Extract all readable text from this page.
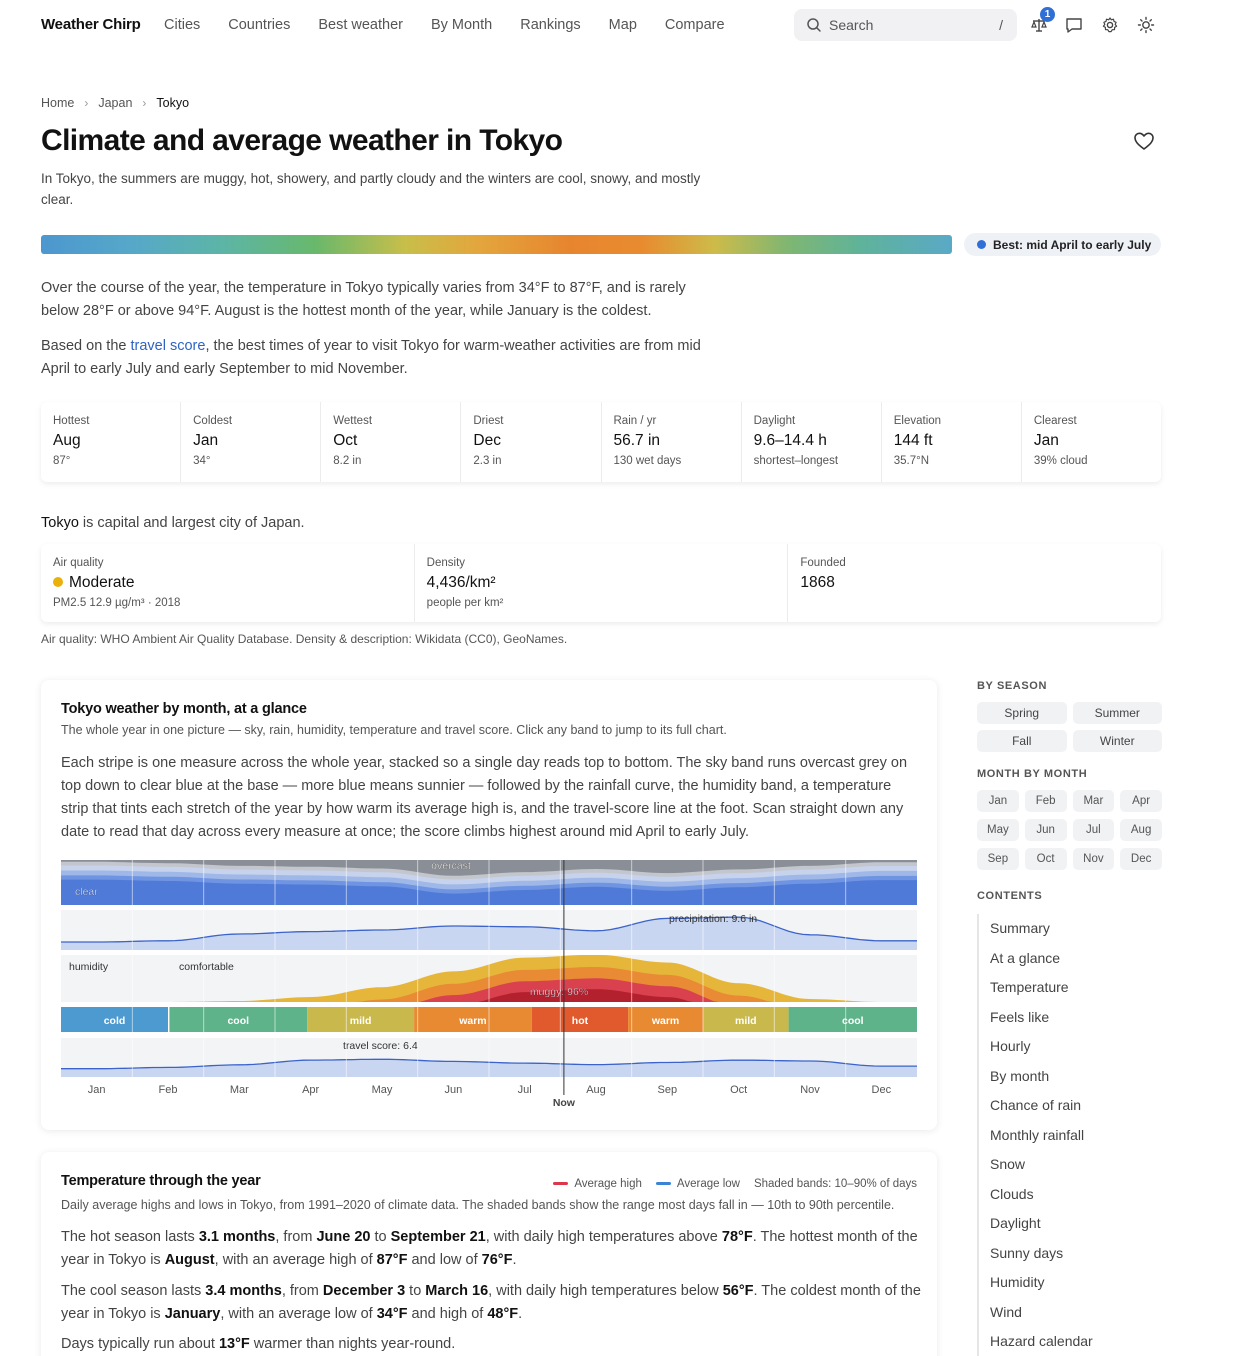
Weather Chirp Cities Countries Best weather By Month Rankings Map Compare	Search	/
1
Home › Japan › Tokyo
Climate and average weather in Tokyo

In Tokyo, the summers are muggy, hot, showery, and partly cloudy and the winters are cool, snowy, and mostly clear.

Best: mid April to early July

Over the course of the year, the temperature in Tokyo typically varies from 34°F to 87°F, and is rarely below 28°F or above 94°F. August is the hottest month of the year, while January is the coldest.

Based on the travel score, the best times of year to visit Tokyo for warm-weather activities are from mid April to early July and early September to mid November.

Hottest
Aug
87°
Coldest
Jan
34°
Wettest
Oct
8.2 in
Driest
Dec
2.3 in
Rain / yr
56.7 in
130 wet days
Daylight
9.6–14.4 h
shortest–longest
Elevation
144 ft
35.7°N
Clearest
Jan
39% cloud

Tokyo is capital and largest city of Japan.

Air quality
Moderate
PM2.5 12.9 µg/m³ · 2018
Density
4,436/km²
people per km²
Founded
1868

Air quality: WHO Ambient Air Quality Database. Density & description: Wikidata (CC0), GeoNames.

Tokyo weather by month, at a glance

The whole year in one picture — sky, rain, humidity, temperature and travel score. Click any band to jump to its full chart.

Each stripe is one measure across the whole year, stacked so a single day reads top to bottom. The sky band runs overcast grey on top down to clear blue at the base — more blue means sunnier — followed by the rainfall curve, the humidity band, a temperature strip that tints each stretch of the year by how warm its average high is, and the travel-score line at the foot. Scan straight down any date to read that day across every measure at once; the score climbs highest around mid April to early July.

overcast
clear
precipitation: 9.6 in
humidity	comfortable
muggy: 96%
cold	cool	mild	warm	hot	warm	mild	cool
travel score: 6.4
Jan	Feb	Mar	Apr	May	Jun	Jul	Aug	Sep	Oct	Nov	Dec
Now
Temperature through the year	Average high	Average low Shaded bands: 10–90% of days

Daily average highs and lows in Tokyo, from 1991–2020 of climate data. The shaded bands show the range most days fall in — 10th to 90th percentile.

The hot season lasts 3.1 months, from June 20 to September 21, with daily high temperatures above 78°F. The hottest month of the year in Tokyo is August, with an average high of 87°F and low of 76°F.

The cool season lasts 3.4 months, from December 3 to March 16, with daily high temperatures below 56°F. The coldest month of the year in Tokyo is January, with an average low of 34°F and high of 48°F.

Days typically run about 13°F warmer than nights year-round.

BY SEASON
Spring	Summer
Fall	Winter
MONTH BY MONTH
Jan	Feb	Mar	Apr
May	Jun	Jul	Aug
Sep	Oct	Nov	Dec
CONTENTS
Summary
At a glance
Temperature
Feels like
Hourly
By month
Chance of rain
Monthly rainfall
Snow
Clouds
Daylight
Sunny days
Humidity
Wind
Hazard calendar
